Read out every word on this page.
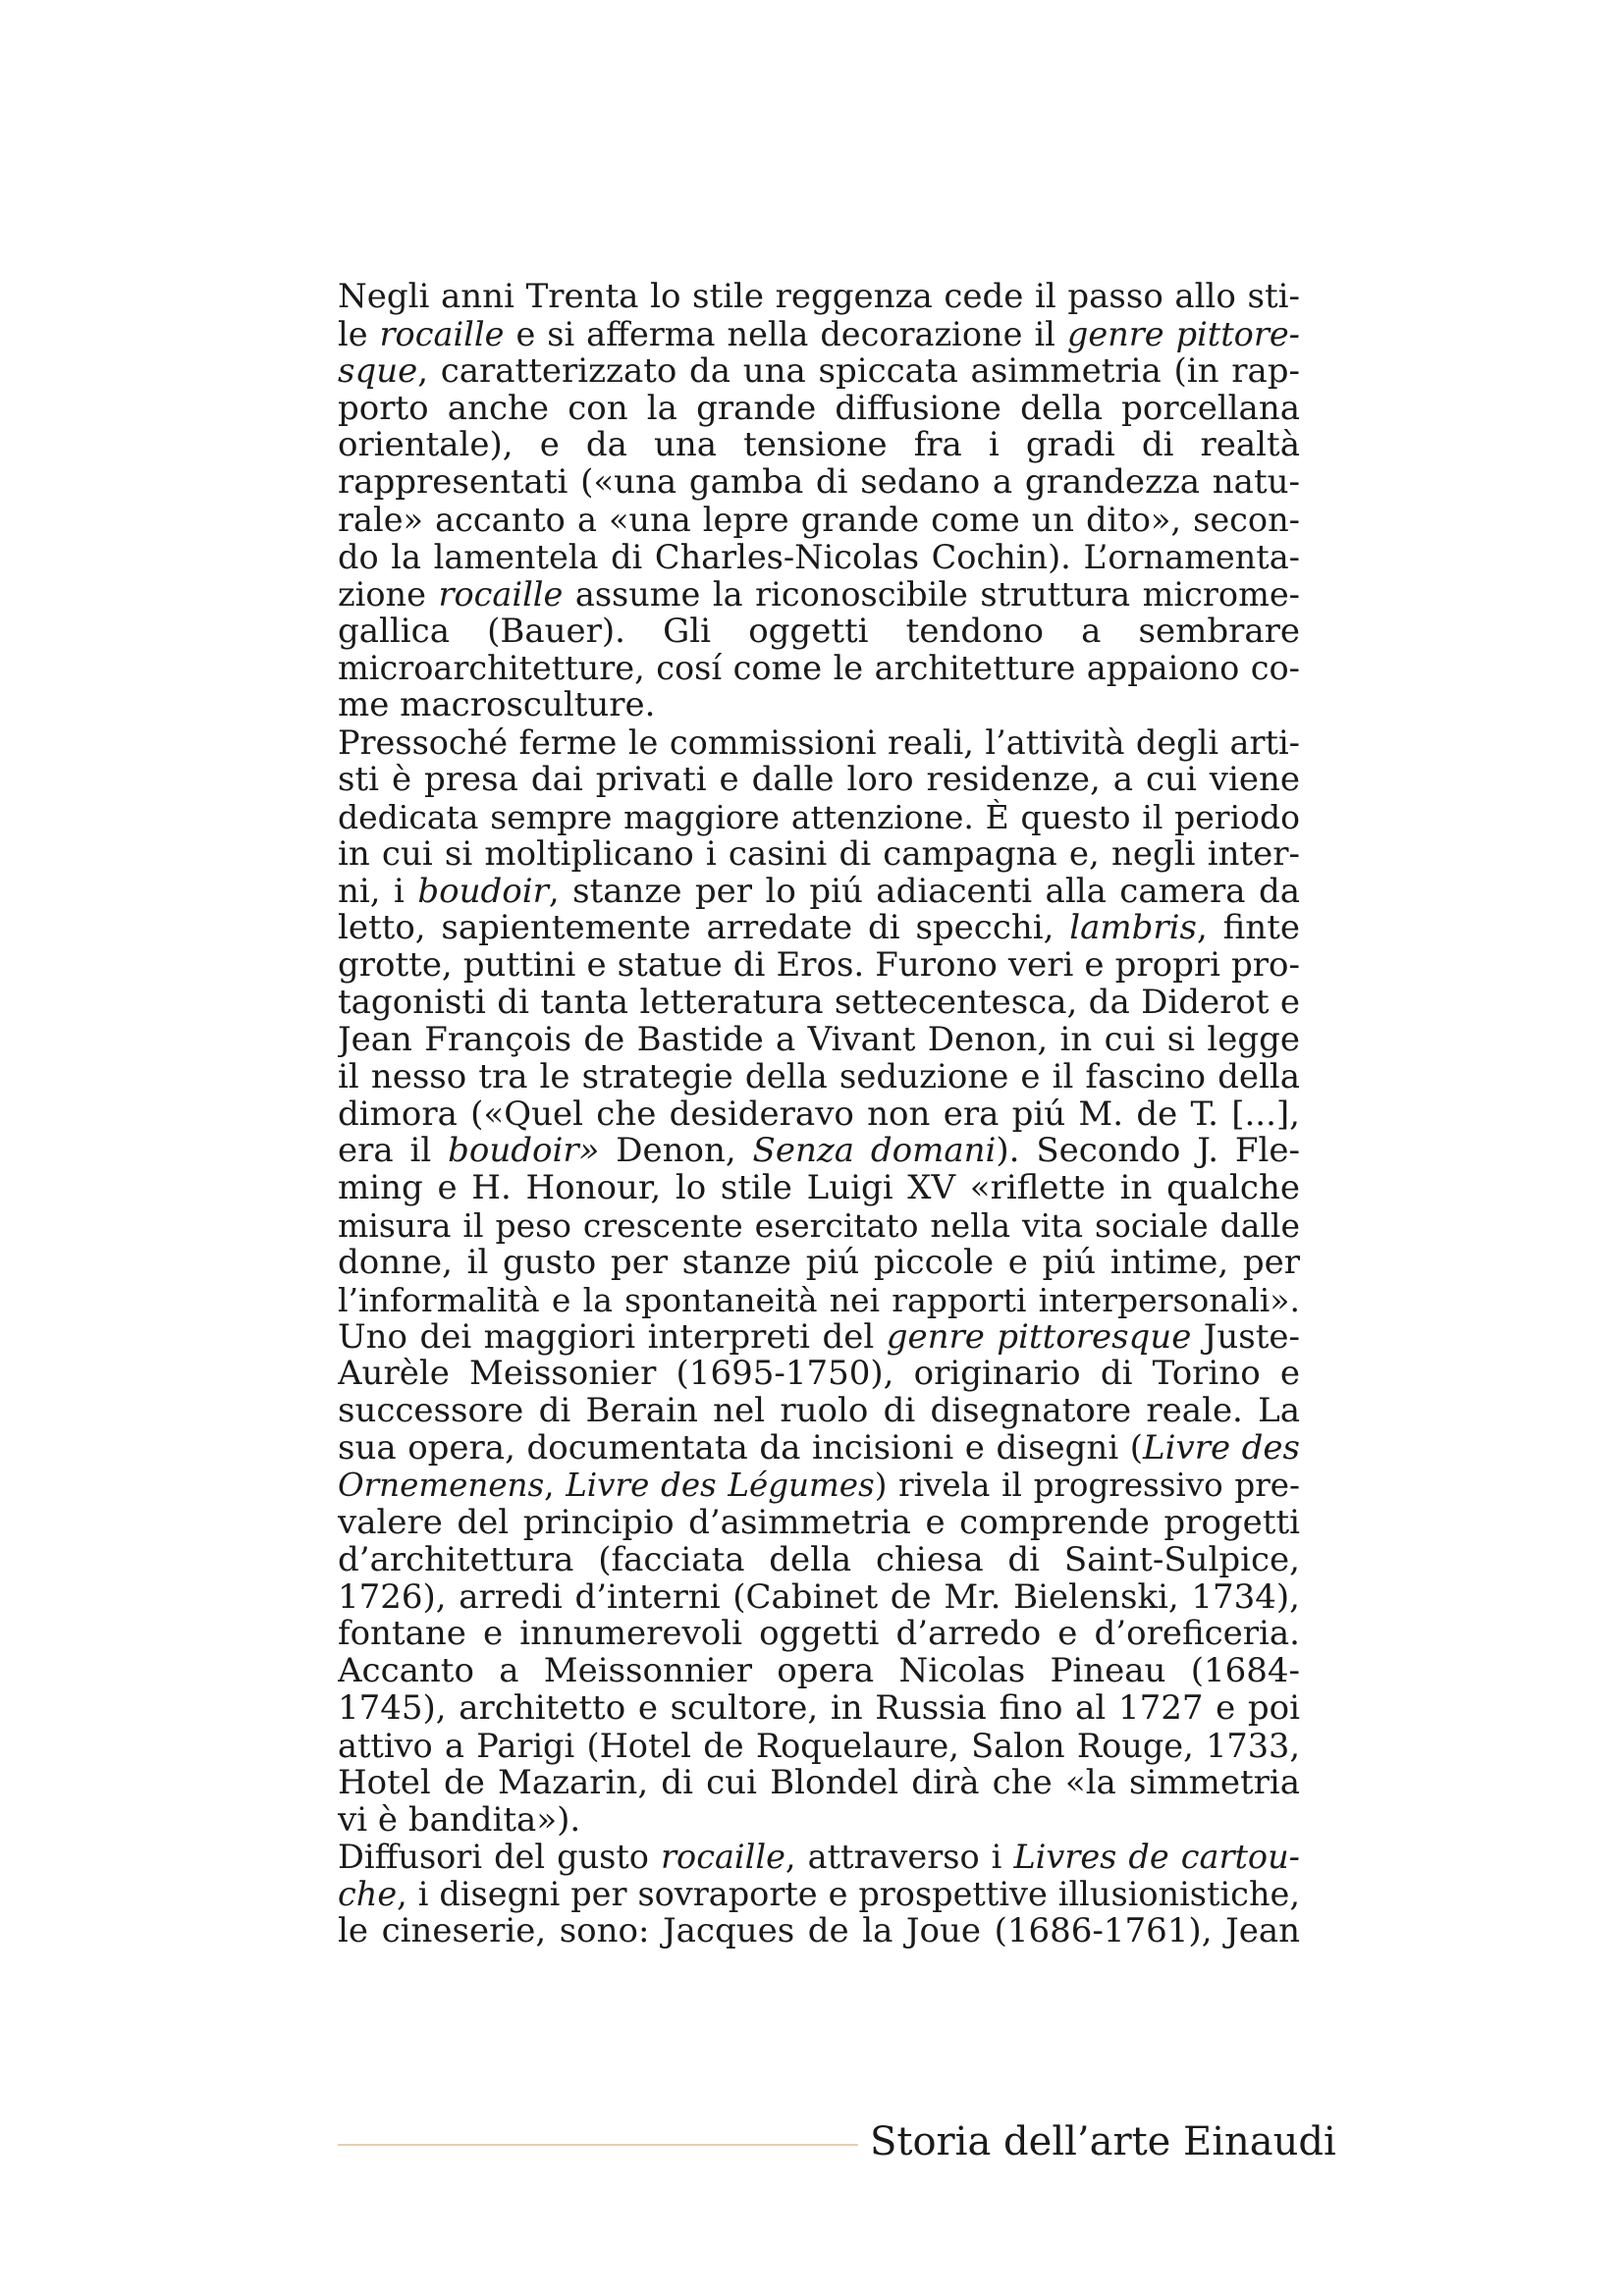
Negli anni Trenta lo stile reggenza cede il passo allo sti-
le rocaille e si afferma nella decorazione il genre pittore-
sque, caratterizzato da una spiccata asimmetria (in rap-
porto anche con la grande diffusione della porcellana
orientale), e da una tensione fra i gradi di realtà
rappresentati («una gamba di sedano a grandezza natu-
rale» accanto a «una lepre grande come un dito», secon-
do la lamentela di Charles-Nicolas Cochin). L’ornamenta-
zione rocaille assume la riconoscibile struttura microme-
gallica (Bauer). Gli oggetti tendono a sembrare
microarchitetture, cosí come le architetture appaiono co-
me macrosculture.
Pressoché ferme le commissioni reali, l’attività degli arti-
sti è presa dai privati e dalle loro residenze, a cui viene
dedicata sempre maggiore attenzione. È questo il periodo
in cui si moltiplicano i casini di campagna e, negli inter-
ni, i boudoir, stanze per lo piú adiacenti alla camera da
letto, sapientemente arredate di specchi, lambris, finte
grotte, puttini e statue di Eros. Furono veri e propri pro-
tagonisti di tanta letteratura settecentesca, da Diderot e
Jean François de Bastide a Vivant Denon, in cui si legge
il nesso tra le strategie della seduzione e il fascino della
dimora («Quel che desideravo non era piú M. de T. [...],
era il boudoir» Denon, Senza domani). Secondo J. Fle-
ming e H. Honour, lo stile Luigi XV «riflette in qualche
misura il peso crescente esercitato nella vita sociale dalle
donne, il gusto per stanze piú piccole e piú intime, per
l’informalità e la spontaneità nei rapporti interpersonali».
Uno dei maggiori interpreti del genre pittoresque Juste-
Aurèle Meissonier (1695-1750), originario di Torino e
successore di Berain nel ruolo di disegnatore reale. La
sua opera, documentata da incisioni e disegni (Livre des
Ornemenens, Livre des Légumes) rivela il progressivo pre-
valere del principio d’asimmetria e comprende progetti
d’architettura (facciata della chiesa di Saint-Sulpice,
1726), arredi d’interni (Cabinet de Mr. Bielenski, 1734),
fontane e innumerevoli oggetti d’arredo e d’oreficeria.
Accanto a Meissonnier opera Nicolas Pineau (1684-
1745), architetto e scultore, in Russia fino al 1727 e poi
attivo a Parigi (Hotel de Roquelaure, Salon Rouge, 1733,
Hotel de Mazarin, di cui Blondel dirà che «la simmetria
vi è bandita»).
Diffusori del gusto rocaille, attraverso i Livres de cartou-
che, i disegni per sovraporte e prospettive illusionistiche,
le cineserie, sono: Jacques de la Joue (1686-1761), Jean
Storia dell’arte Einaudi
